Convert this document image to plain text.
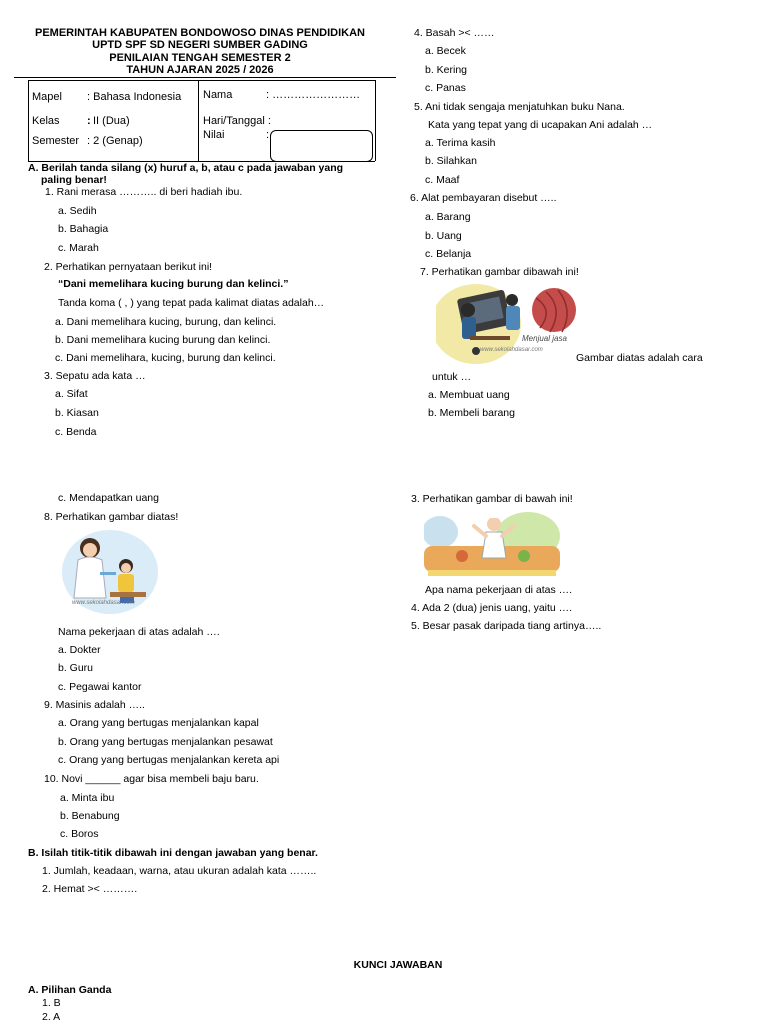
PEMERINTAH KABUPATEN BONDOWOSO DINAS PENDIDIKAN
UPTD SPF SD NEGERI SUMBER GADING
PENILAIAN TENGAH SEMESTER 2
TAHUN AJARAN 2025 / 2026
Mapel : Bahasa Indonesia
Kelas : II (Dua)
Semester : 2 (Genap)
Nama	: ……………………
Hari/Tanggal :
Nilai	:
A. Berilah tanda silang (x) huruf a, b, atau c pada jawaban yang
paling benar!
1. Rani merasa ……….. di beri hadiah ibu.
a. Sedih
b. Bahagia
c. Marah
2. Perhatikan pernyataan berikut ini!
“Dani memelihara kucing burung dan kelinci.”
Tanda koma ( , ) yang tepat pada kalimat diatas adalah…
a. Dani memelihara kucing, burung, dan kelinci.
b. Dani memelihara kucing burung dan kelinci.
c. Dani memelihara, kucing, burung dan kelinci.
3. Sepatu ada kata …
a. Sifat
b. Kiasan
c. Benda
4. Basah >< ……
a. Becek
b. Kering
c. Panas
5. Ani tidak sengaja menjatuhkan buku Nana.
Kata yang tepat yang di ucapakan Ani adalah …
a. Terima kasih
b. Silahkan
c. Maaf
6. Alat pembayaran disebut …..
a. Barang
b. Uang
c. Belanja
7. Perhatikan gambar dibawah ini!
Menjual jasa
www.sekolahdasar.com
Gambar diatas adalah cara
untuk …
a. Membuat uang
b. Membeli barang
c. Mendapatkan uang
8. Perhatikan gambar diatas!
www.sekolahdasar.com
Nama pekerjaan di atas adalah ….
a. Dokter
b. Guru
c. Pegawai kantor
9. Masinis adalah …..
a. Orang yang bertugas menjalankan kapal
b. Orang yang bertugas menjalankan pesawat
c. Orang yang bertugas menjalankan kereta api
10. Novi ______ agar bisa membeli baju baru.
a. Minta ibu
b. Benabung
c. Boros
B. Isilah titik-titik dibawah ini dengan jawaban yang benar.
1. Jumlah, keadaan, warna, atau ukuran adalah kata ……..
2. Hemat >< ……….
3. Perhatikan gambar di bawah ini!
Apa nama pekerjaan di atas ….
4. Ada 2 (dua) jenis uang, yaitu ….
5. Besar pasak daripada tiang artinya…..
KUNCI JAWABAN
A. Pilihan Ganda
1. B
2. A
